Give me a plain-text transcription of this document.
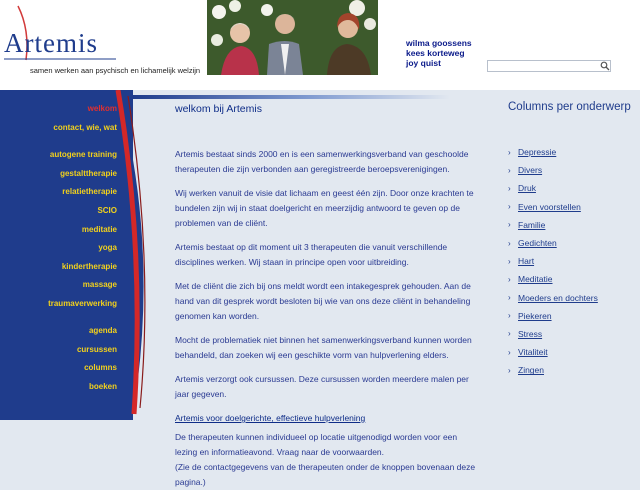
Artemis
samen werken aan psychisch en lichamelijk welzijn
wilma goossens
kees korteweg
joy quist
welkom
contact, wie, wat
autogene training
gestalttherapie
relatietherapie
SCIO
meditatie
yoga
kindertherapie
massage
traumaverwerking
agenda
cursussen
columns
boeken
welkom bij Artemis

Artemis bestaat sinds 2000 en is een samenwerkingsverband van geschoolde therapeuten die zijn verbonden aan geregistreerde beroepsverenigingen.

Wij werken vanuit de visie dat lichaam en geest één zijn. Door onze krachten te bundelen zijn wij in staat doelgericht en meerzijdig antwoord te geven op de problemen van de cliënt.

Artemis bestaat op dit moment uit 3 therapeuten die vanuit verschillende disciplines werken. Wij staan in principe open voor uitbreiding.

Met de cliënt die zich bij ons meldt wordt een intakegesprek gehouden. Aan de hand van dit gesprek wordt besloten bij wie van ons deze cliënt in behandeling genomen kan worden.

Mocht de problematiek niet binnen het samenwerkingsverband kunnen worden behandeld, dan zoeken wij een geschikte vorm van hulpverlening elders.

Artemis verzorgt ook cursussen. Deze cursussen worden meerdere malen per jaar gegeven.

Artemis voor doelgerichte, effectieve hulpverlening

De therapeuten kunnen individueel op locatie uitgenodigd worden voor een lezing en informatieavond. Vraag naar de voorwaarden.
(Zie de contactgegevens van de therapeuten onder de knoppen bovenaan deze pagina.)

Columns per onderwerp
› Depressie
› Divers
› Druk
› Even voorstellen
› Familie
› Gedichten
› Hart
› Meditatie
› Moeders en dochters
› Piekeren
› Stress
› Vitaliteit
› Zingen
